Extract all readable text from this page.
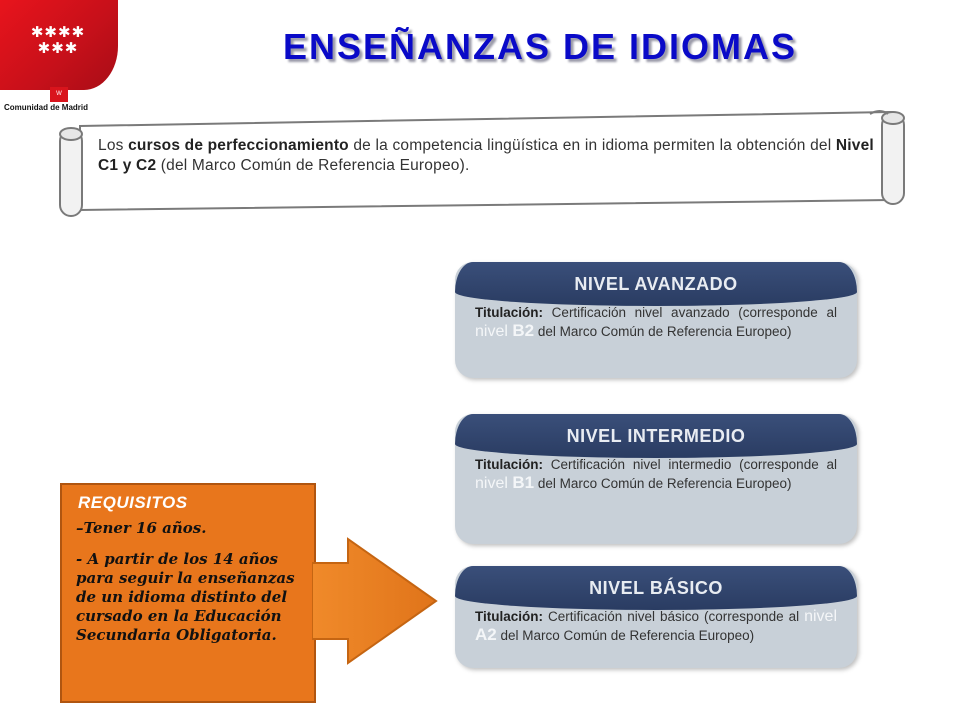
✱✱✱✱
✱✱✱
W
Comunidad de Madrid
ENSEÑANZAS DE IDIOMAS
Los cursos de perfeccionamiento de la competencia lingüística en in idioma permiten la obtención del Nivel C1 y C2 (del Marco Común de Referencia Europeo).
NIVEL AVANZADO
Titulación: Certificación nivel avanzado (corresponde al nivel B2 del Marco Común de Referencia Europeo)
NIVEL INTERMEDIO
Titulación: Certificación nivel intermedio (corresponde al nivel B1 del Marco Común de Referencia Europeo)
NIVEL BÁSICO
Titulación: Certificación nivel básico (corresponde al nivel A2 del Marco Común de Referencia Europeo)
REQUISITOS
–Tener 16 años.
- A partir de los 14 años para seguir la enseñanzas de un idioma distinto del cursado en la Educación Secundaria Obligatoria.
